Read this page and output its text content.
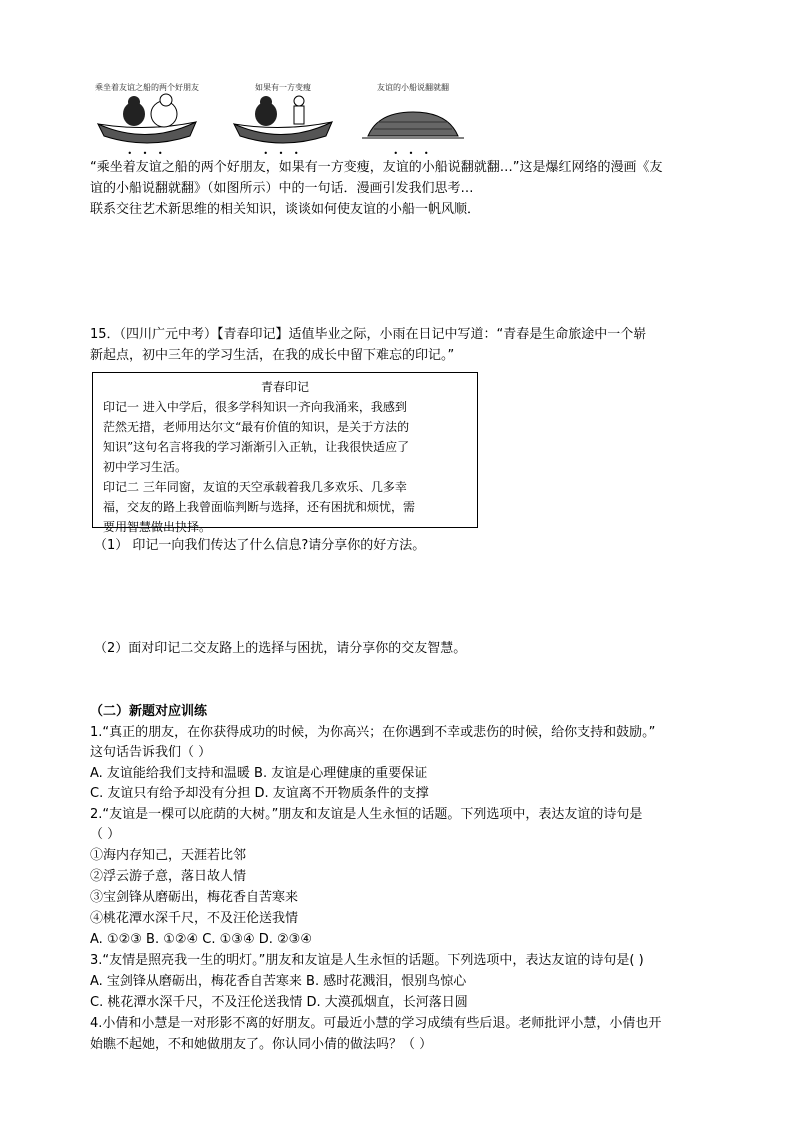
乘坐着友谊之船的两个好朋友
• • •
如果有一方变瘦
• • •
友谊的小船说翻就翻
• • •
“乘坐着友谊之船的两个好朋友，如果有一方变瘦，友谊的小船说翻就翻…”这是爆红网络的漫画《友
谊的小船说翻就翻》（如图所示）中的一句话．漫画引发我们思考…
联系交往艺术新思维的相关知识，谈谈如何使友谊的小船一帆风顺．
15．（四川广元中考）【青春印记】适值毕业之际，小雨在日记中写道：“青春是生命旅途中一个崭
新起点，初中三年的学习生活，在我的成长中留下难忘的印记。”
青春印记

印记一 进入中学后，很多学科知识一齐向我涌来，我感到

茫然无措，老师用达尔文“最有价值的知识，是关于方法的

知识”这句名言将我的学习渐渐引入正轨，让我很快适应了

初中学习生活。

印记二 三年同窗，友谊的天空承载着我几多欢乐、几多幸

福，交友的路上我曾面临判断与选择，还有困扰和烦忧，需

要用智慧做出抉择。

（1） 印记一向我们传达了什么信息?请分享你的好方法。
（2）面对印记二交友路上的选择与困扰，请分享你的交友智慧。
（二）新题对应训练
1.“真正的朋友，在你获得成功的时候，为你高兴；在你遇到不幸或悲伤的时候，给你支持和鼓励。”
这句话告诉我们（ ）
A. 友谊能给我们支持和温暖 B. 友谊是心理健康的重要保证
C. 友谊只有给予却没有分担 D. 友谊离不开物质条件的支撑
2.“友谊是一棵可以庇荫的大树。”朋友和友谊是人生永恒的话题。下列选项中，表达友谊的诗句是
（ ）
①海内存知己，天涯若比邻
②浮云游子意，落日故人情
③宝剑锋从磨砺出，梅花香自苦寒来
④桃花潭水深千尺，不及汪伦送我情
A. ①②③ B. ①②④ C. ①③④ D. ②③④
3.“友情是照亮我一生的明灯。”朋友和友谊是人生永恒的话题。下列选项中，表达友谊的诗句是( )
A. 宝剑锋从磨砺出，梅花香自苦寒来 B. 感时花溅泪，恨别鸟惊心
C. 桃花潭水深千尺，不及汪伦送我情 D. 大漠孤烟直，长河落日圆
4.小倩和小慧是一对形影不离的好朋友。可最近小慧的学习成绩有些后退。老师批评小慧，小倩也开
始瞧不起她，不和她做朋友了。你认同小倩的做法吗？（ ）
